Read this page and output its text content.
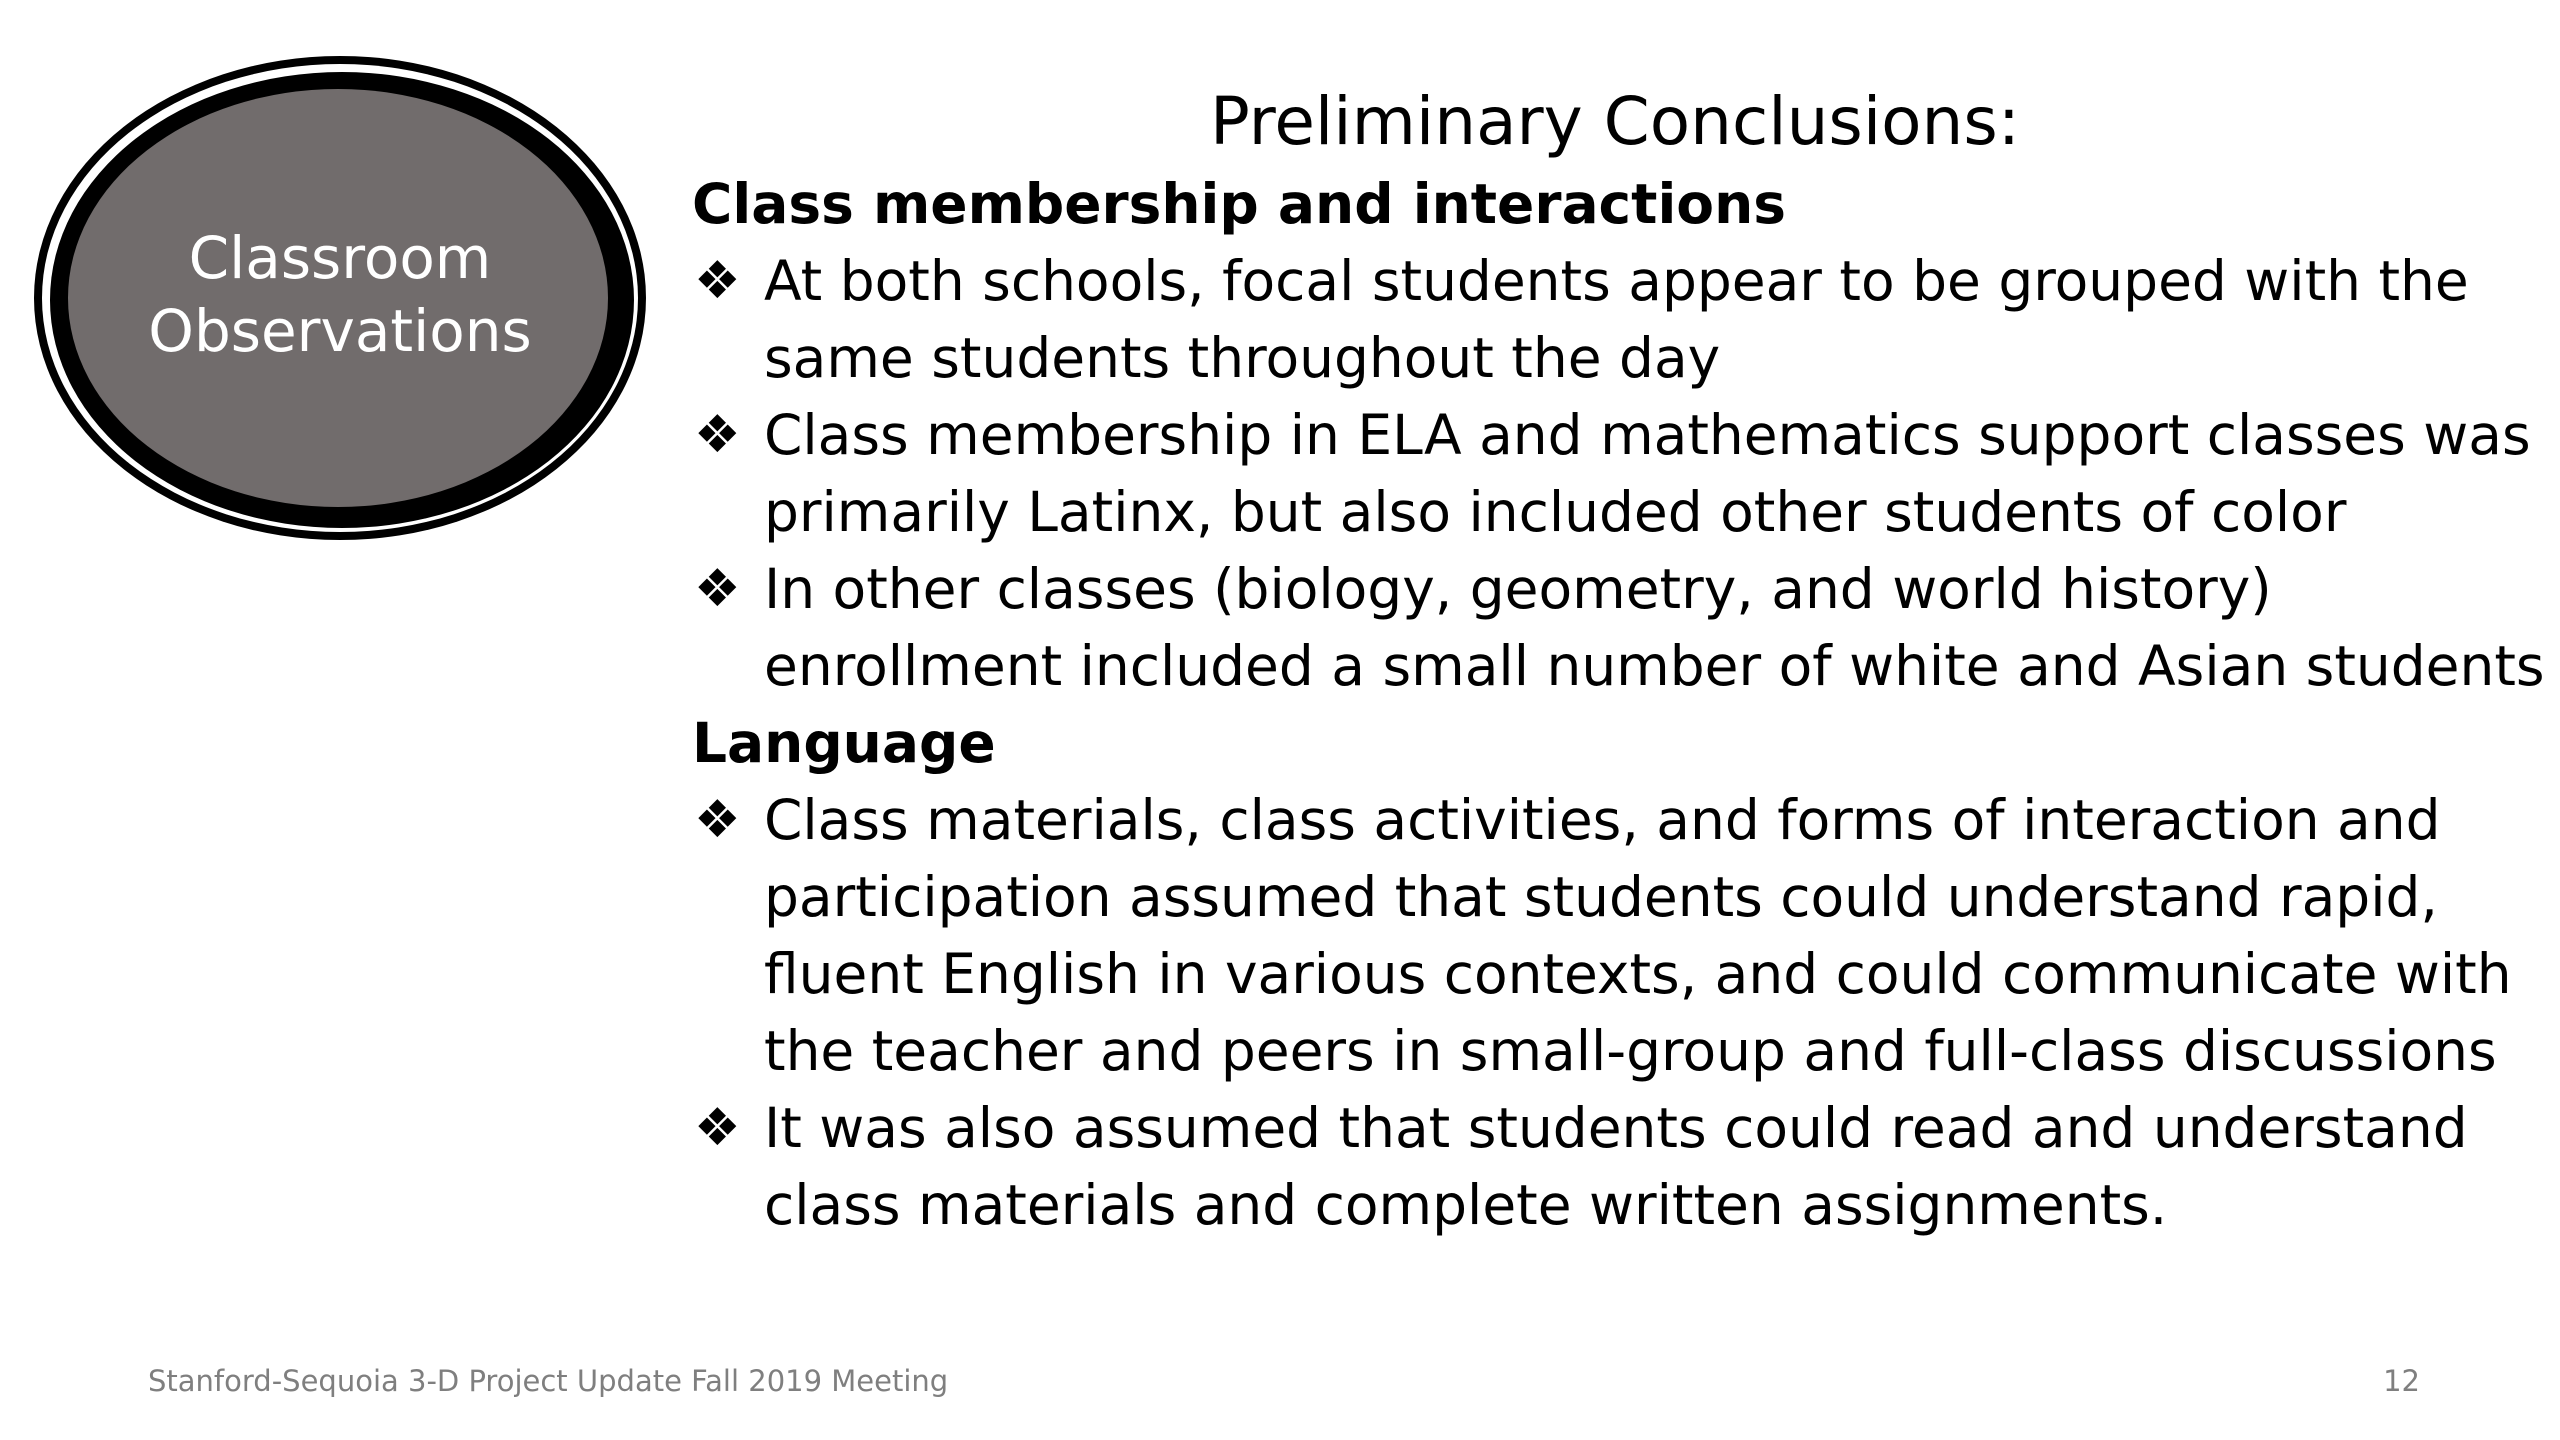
Classroom
Observations
Preliminary Conclusions:
Class membership and interactions
❖ At both schools, focal students appear to be grouped with the same students throughout the day
❖ Class membership in ELA and mathematics support classes was primarily Latinx, but also included other students of color
❖ In other classes (biology, geometry, and world history) enrollment included a small number of white and Asian students
Language
❖ Class materials, class activities, and forms of interaction and participation assumed that students could understand rapid, fluent English in various contexts, and could communicate with the teacher and peers in small-group and full-class discussions
❖ It was also assumed that students could read and understand class materials and complete written assignments.
Stanford-Sequoia 3-D Project Update Fall 2019 Meeting	12
